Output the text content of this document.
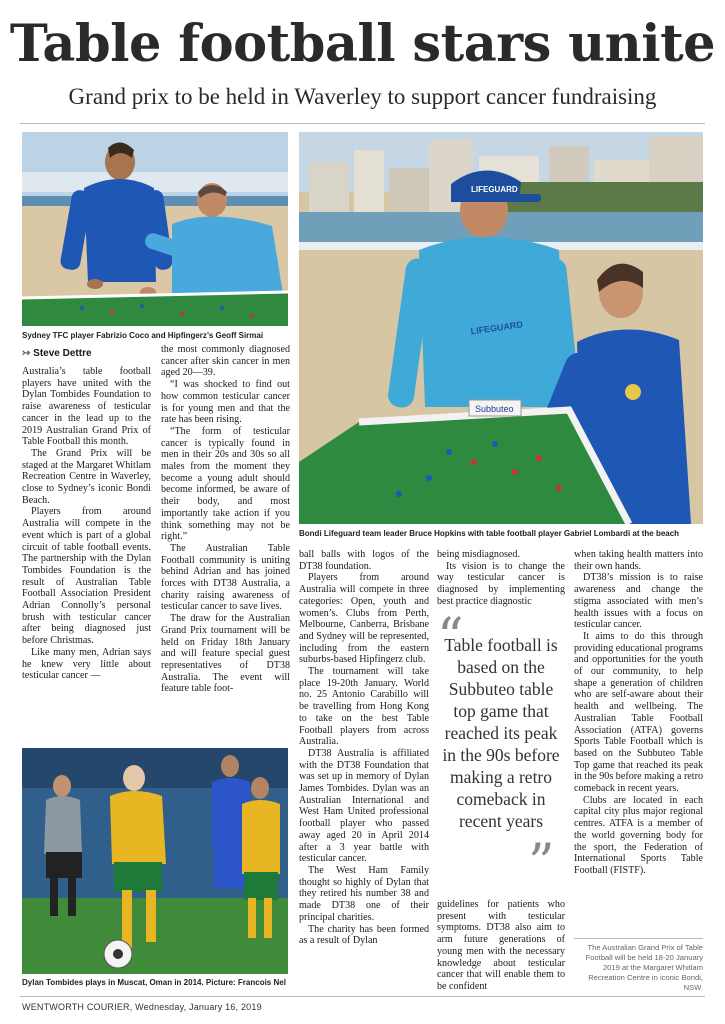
Table football stars unite
Grand prix to be held in Waverley to support cancer fundraising
Sydney TFC player Fabrizio Coco and Hipfingerz’s Geoff Sirmai
LIFEGUARD
LIFEGUARD
Subbuteo
Bondi Lifeguard team leader Bruce Hopkins with table football player Gabriel Lombardi at the beach
↣ Steve Dettre

Australia’s table football players have united with the Dylan Tombides Foundation to raise awareness of testicular cancer in the lead up to the 2019 Australian Grand Prix of Table Football this month.

The Grand Prix will be staged at the Margaret Whitlam Recreation Centre in Waverley, close to Sydney’s iconic Bondi Beach.

Players from around Australia will compete in the event which is part of a global circuit of table football events. The partnership with the Dylan Tombides Foundation is the result of Australian Table Football Association President Adrian Connolly’s personal brush with testicular cancer after being diagnosed just before Christmas.

Like many men, Adrian says he knew very little about testicular cancer —

the most commonly diagnosed cancer after skin cancer in men aged 20—39.

“I was shocked to find out how common testicular cancer is for young men and that the rate has been rising.

“The form of testicular cancer is typically found in men in their 20s and 30s so all males from the moment they become a young adult should become informed, be aware of their body, and most importantly take action if you think something may not be right.”

The Australian Table Football community is uniting behind Adrian and has joined forces with DT38 Australia, a charity raising awareness of testicular cancer to save lives.

The draw for the Australian Grand Prix tournament will be held on Friday 18th January and will feature special guest representatives of DT38 Australia. The event will feature table foot-

Dylan Tombides plays in Muscat, Oman in 2014. Picture: Francois Nel

ball balls with logos of the DT38 foundation.

Players from around Australia will compete in three categories: Open, youth and women’s. Clubs from Perth, Melbourne, Canberra, Brisbane and Sydney will be represented, including from the eastern suburbs-based Hipfingerz club.

The tournament will take place 19-20th January. World no. 25 Antonio Carabillo will be travelling from Hong Kong to take on the best Table Football players from across Australia.

DT38 Australia is affiliated with the DT38 Foundation that was set up in memory of Dylan James Tombides. Dylan was an Australian International and West Ham United professional football player who passed away aged 20 in April 2014 after a 3 year battle with testicular cancer.

The West Ham Family thought so highly of Dylan that they retired his number 38 and made DT38 one of their principal charities.

The charity has been formed as a result of Dylan

being misdiagnosed.

Its vision is to change the way testicular cancer is diagnosed by implementing best practice diagnostic

“
Table football is based on the Subbuteo table top game that reached its peak in the 90s before making a retro comeback in recent years
”

guidelines for patients who present with testicular symptoms. DT38 also aim to arm future generations of young men with the necessary knowledge about testicular cancer that will enable them to be confident

when taking health matters into their own hands.

DT38’s mission is to raise awareness and change the stigma associated with men’s health issues with a focus on testicular cancer.

It aims to do this through providing educational programs and opportunities for the youth of our community, to help shape a generation of children who are self-aware about their health and wellbeing. The Australian Table Football Association (ATFA) governs Sports Table Football which is based on the Subbuteo Table Top game that reached its peak in the 90s before making a retro comeback in recent years.

Clubs are located in each capital city plus major regional centres. ATFA is a member of the world governing body for the sport, the Federation of International Sports Table Football (FISTF).

The Australian Grand Prix of Table Football will be held 18-20 January 2019 at the Margaret Whitlam Recreation Centre in iconic Bondi, NSW.
WENTWORTH COURIER, Wednesday, January 16, 2019
